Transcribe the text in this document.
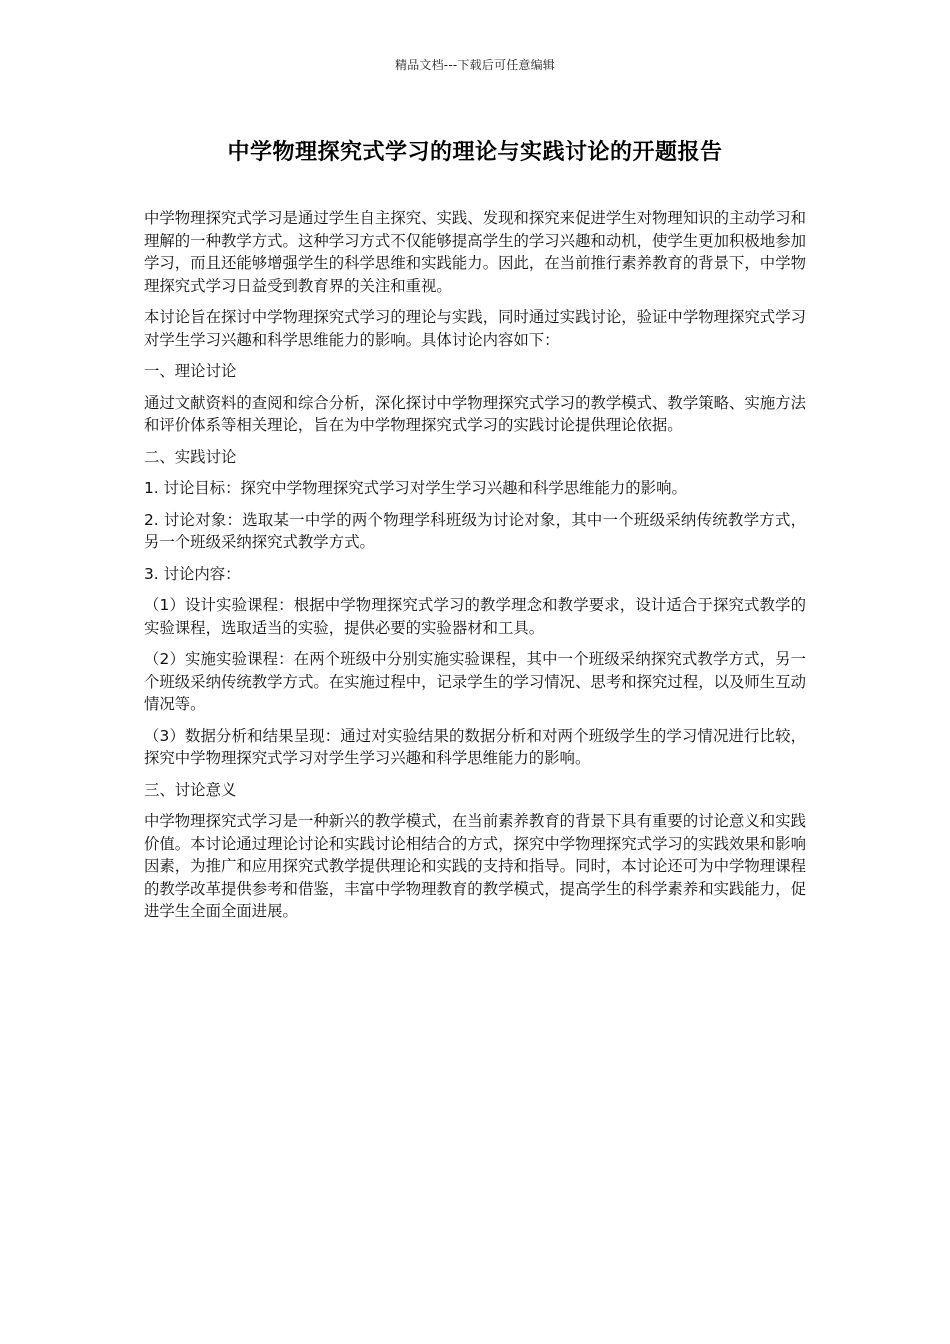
精品文档---下载后可任意编辑
中学物理探究式学习的理论与实践讨论的开题报告

中学物理探究式学习是通过学生自主探究、实践、发现和探究来促进学生对物理知识的主动学习和理解的一种教学方式。这种学习方式不仅能够提高学生的学习兴趣和动机，使学生更加积极地参加学习，而且还能够增强学生的科学思维和实践能力。因此，在当前推行素养教育的背景下，中学物理探究式学习日益受到教育界的关注和重视。

本讨论旨在探讨中学物理探究式学习的理论与实践，同时通过实践讨论，验证中学物理探究式学习对学生学习兴趣和科学思维能力的影响。具体讨论内容如下：

一、理论讨论

通过文献资料的查阅和综合分析，深化探讨中学物理探究式学习的教学模式、教学策略、实施方法和评价体系等相关理论，旨在为中学物理探究式学习的实践讨论提供理论依据。

二、实践讨论

1. 讨论目标：探究中学物理探究式学习对学生学习兴趣和科学思维能力的影响。

2. 讨论对象：选取某一中学的两个物理学科班级为讨论对象，其中一个班级采纳传统教学方式，另一个班级采纳探究式教学方式。

3. 讨论内容：

（1）设计实验课程：根据中学物理探究式学习的教学理念和教学要求，设计适合于探究式教学的实验课程，选取适当的实验，提供必要的实验器材和工具。

（2）实施实验课程：在两个班级中分别实施实验课程，其中一个班级采纳探究式教学方式，另一个班级采纳传统教学方式。在实施过程中，记录学生的学习情况、思考和探究过程，以及师生互动情况等。

（3）数据分析和结果呈现：通过对实验结果的数据分析和对两个班级学生的学习情况进行比较，探究中学物理探究式学习对学生学习兴趣和科学思维能力的影响。

三、讨论意义

中学物理探究式学习是一种新兴的教学模式，在当前素养教育的背景下具有重要的讨论意义和实践价值。本讨论通过理论讨论和实践讨论相结合的方式，探究中学物理探究式学习的实践效果和影响因素，为推广和应用探究式教学提供理论和实践的支持和指导。同时，本讨论还可为中学物理课程的教学改革提供参考和借鉴，丰富中学物理教育的教学模式，提高学生的科学素养和实践能力，促进学生全面全面进展。
